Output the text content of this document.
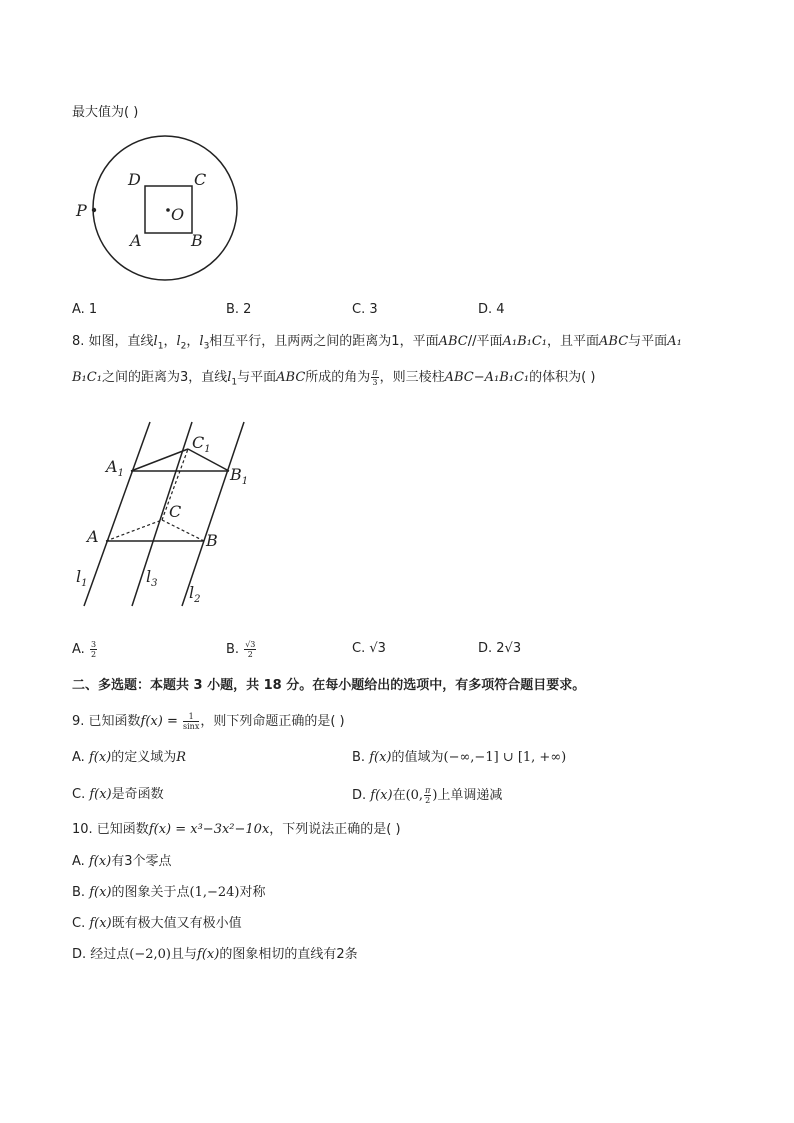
最大值为( )
P
D	C
O
A	B
A. 1	B. 2	C. 3	D. 4
8. 如图，直线$l_1$，$l_2$，$l_3$相互平行，且两两之间的距离为1，平面ABC//平面A₁B₁C₁，且平面ABC与平面A₁
B₁C₁之间的距离为3，直线$l_1$与平面ABC所成的角为 $\frac{\pi}{3}$ ，则三棱柱ABC−A₁B₁C₁的体积为( )
$C_1$
$A_1$	$B_1$
C
A	B
$l_1$	$l_3$ $l_2$
A. $\frac{3}{2}$	B. $\frac{√3}{2}$	C. √3	D. 2√3
二、多选题：本题共 3 小题，共 18 分。在每小题给出的选项中，有多项符合题目要求。
9. 已知函数$f(x) = \frac{1}{\sin x}$ ，则下列命题正确的是( )
A. f(x)的定义域为R	B. f(x)的值域为(−∞,−1] ∪ [1, +∞)
C. f(x)是奇函数	D. f(x)在(0, $\frac{\pi}{2}$ )上单调递减
10. 已知函数f(x) = x³−3x²−10x，下列说法正确的是( )
A. f(x)有3个零点
B. f(x)的图象关于点(1,−24)对称
C. f(x)既有极大值又有极小值
D. 经过点(−2,0)且与f(x)的图象相切的直线有2条
